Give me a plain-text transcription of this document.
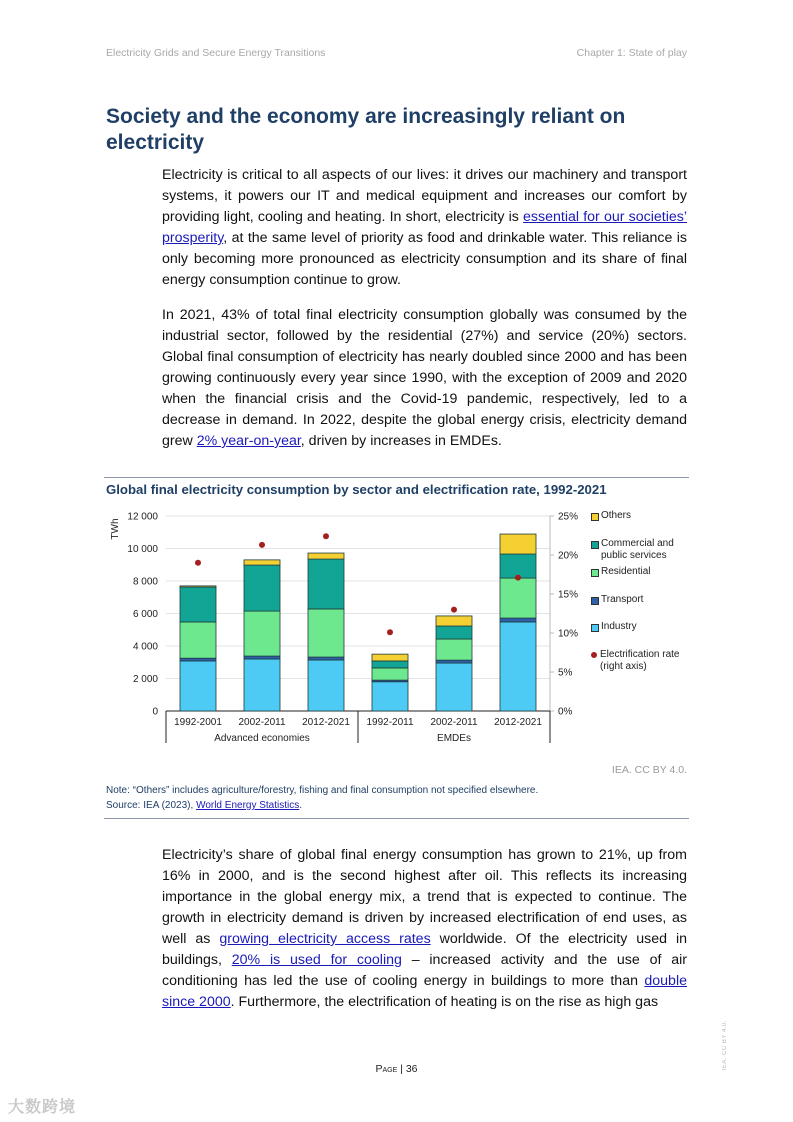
Electricity Grids and Secure Energy Transitions	Chapter 1: State of play
Society and the economy are increasingly reliant on electricity

Electricity is critical to all aspects of our lives: it drives our machinery and transport systems, it powers our IT and medical equipment and increases our comfort by providing light, cooling and heating. In short, electricity is essential for our societies’ prosperity, at the same level of priority as food and drinkable water. This reliance is only becoming more pronounced as electricity consumption and its share of final energy consumption continue to grow.

In 2021, 43% of total final electricity consumption globally was consumed by the industrial sector, followed by the residential (27%) and service (20%) sectors. Global final consumption of electricity has nearly doubled since 2000 and has been growing continuously every year since 1990, with the exception of 2009 and 2020 when the financial crisis and the Covid-19 pandemic, respectively, led to a decrease in demand. In 2022, despite the global energy crisis, electricity demand grew 2% year-on-year, driven by increases in EMDEs.

Global final electricity consumption by sector and electrification rate, 1992-2021
0
2 000
4 000
6 000
8 000
10 000
12 000
0%
5%
10%
15%
20%
25%
TWh
1992-2001 2002-2011 2012-2021 1992-2011 2002-2011 2012-2021
Advanced economies	EMDEs
Others
Commercial and
public services
Residential
Transport
Industry
Electrification rate
(right axis)
IEA. CC BY 4.0.
Note: “Others” includes agriculture/forestry, fishing and final consumption not specified elsewhere.
Source: IEA (2023), World Energy Statistics.

Electricity’s share of global final energy consumption has grown to 21%, up from 16% in 2000, and is the second highest after oil. This reflects its increasing importance in the global energy mix, a trend that is expected to continue. The growth in electricity demand is driven by increased electrification of end uses, as well as growing electricity access rates worldwide. Of the electricity used in buildings, 20% is used for cooling – increased activity and the use of air conditioning has led the use of cooling energy in buildings to more than double since 2000. Furthermore, the electrification of heating is on the rise as high gas

Page | 36	IEA. CC BY 4.0.
大数跨境
